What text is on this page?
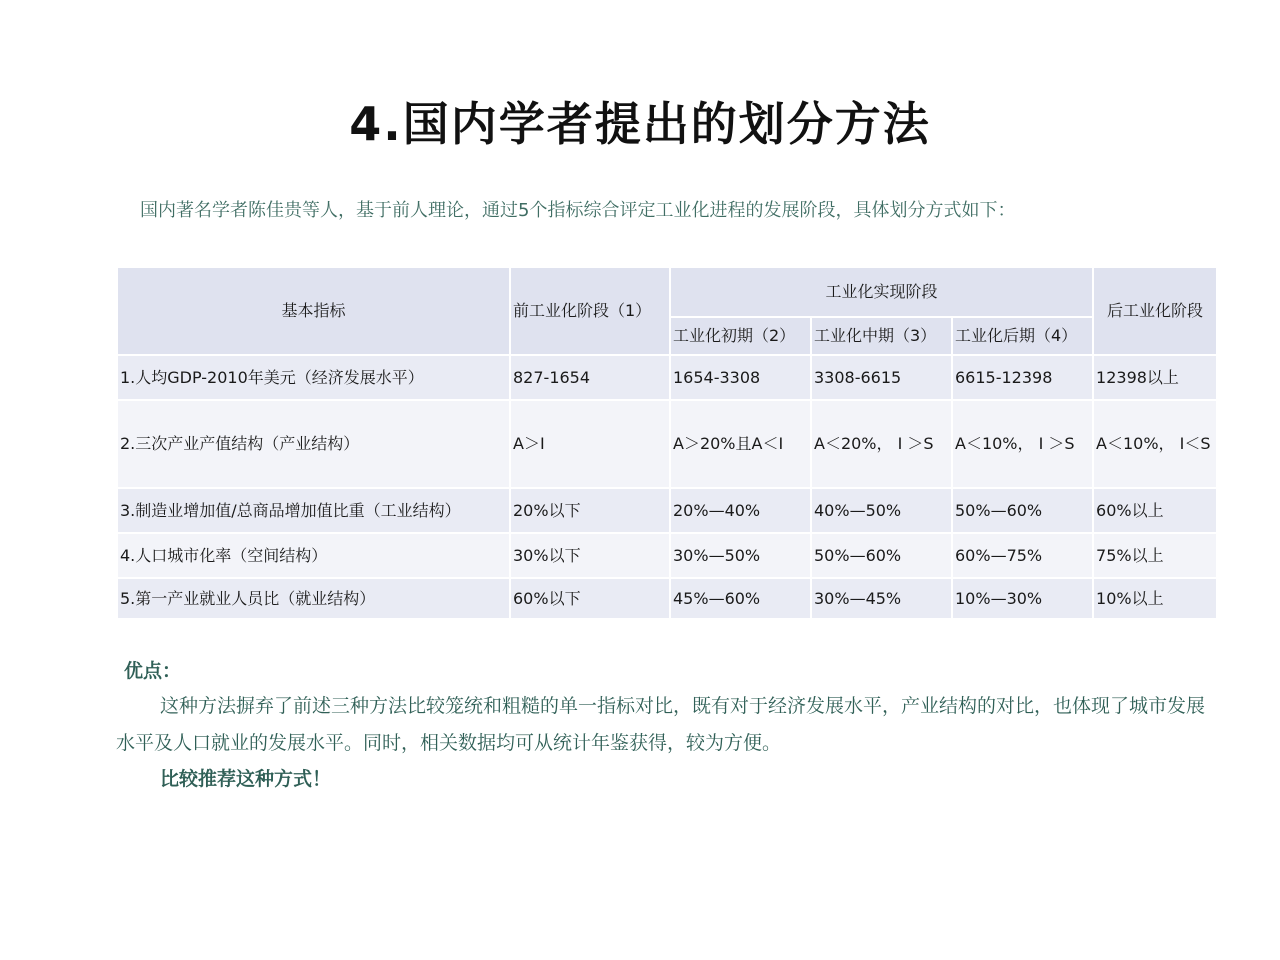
4.国内学者提出的划分方法
国内著名学者陈佳贵等人，基于前人理论，通过5个指标综合评定工业化进程的发展阶段，具体划分方式如下：
基本指标	前工业化阶段（1）	工业化实现阶段			后工业化阶段
		工业化初期（2）	工业化中期（3）	工业化后期（4）	
1.人均GDP-2010年美元（经济发展水平）	827-1654	1654-3308	3308-6615	6615-12398	12398以上
2.三次产业产值结构（产业结构）	A＞I	A＞20%且A＜I	A＜20%， I ＞S	A＜10%， I ＞S	A＜10%， I＜S
3.制造业增加值/总商品增加值比重（工业结构）	20%以下	20%—40%	40%—50%	50%—60%	60%以上
4.人口城市化率（空间结构）	30%以下	30%—50%	50%—60%	60%—75%	75%以上
5.第一产业就业人员比（就业结构）	60%以下	45%—60%	30%—45%	10%—30%	10%以上
优点：
这种方法摒弃了前述三种方法比较笼统和粗糙的单一指标对比，既有对于经济发展水平，产业结构的对比，也体现了城市发展水平及人口就业的发展水平。同时，相关数据均可从统计年鉴获得，较为方便。
比较推荐这种方式！
